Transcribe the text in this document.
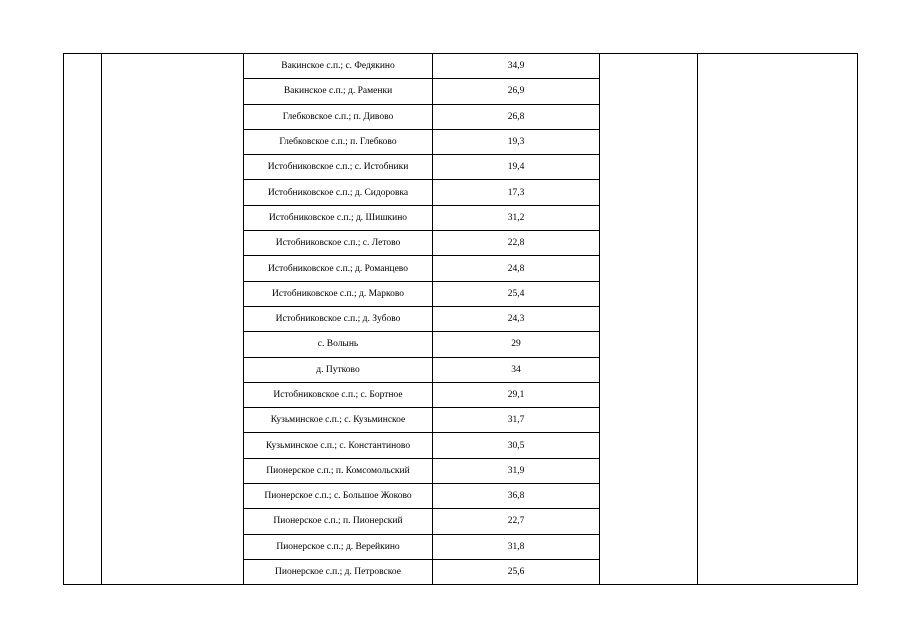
		Вакинское с.п.; с. Федякино	34,9		
		Вакинское с.п.; д. Раменки	26,9		
		Глебковское с.п.; п. Дивово	26,8		
		Глебковское с.п.; п. Глебково	19,3		
		Истобниковское с.п.; с. Истобники	19,4		
		Истобниковское с.п.; д. Сидоровка	17,3		
		Истобниковское с.п.; д. Шишкино	31,2		
		Истобниковское с.п.; с. Летово	22,8		
		Истобниковское с.п.; д. Романцево	24,8		
		Истобниковское с.п.; д. Марково	25,4		
		Истобниковское с.п.; д. Зубово	24,3		
		с. Волынь	29		
		д. Путково	34		
		Истобниковское с.п.; с. Бортное	29,1		
		Кузьминское с.п.; с. Кузьминское	31,7		
		Кузьминское с.п.; с. Константиново	30,5		
		Пионерское с.п.; п. Комсомольский	31,9		
		Пионерское с.п.; с. Большое Жоково	36,8		
		Пионерское с.п.; п. Пионерский	22,7		
		Пионерское с.п.; д. Верейкино	31,8		
		Пионерское с.п.; д. Петровское	25,6		
